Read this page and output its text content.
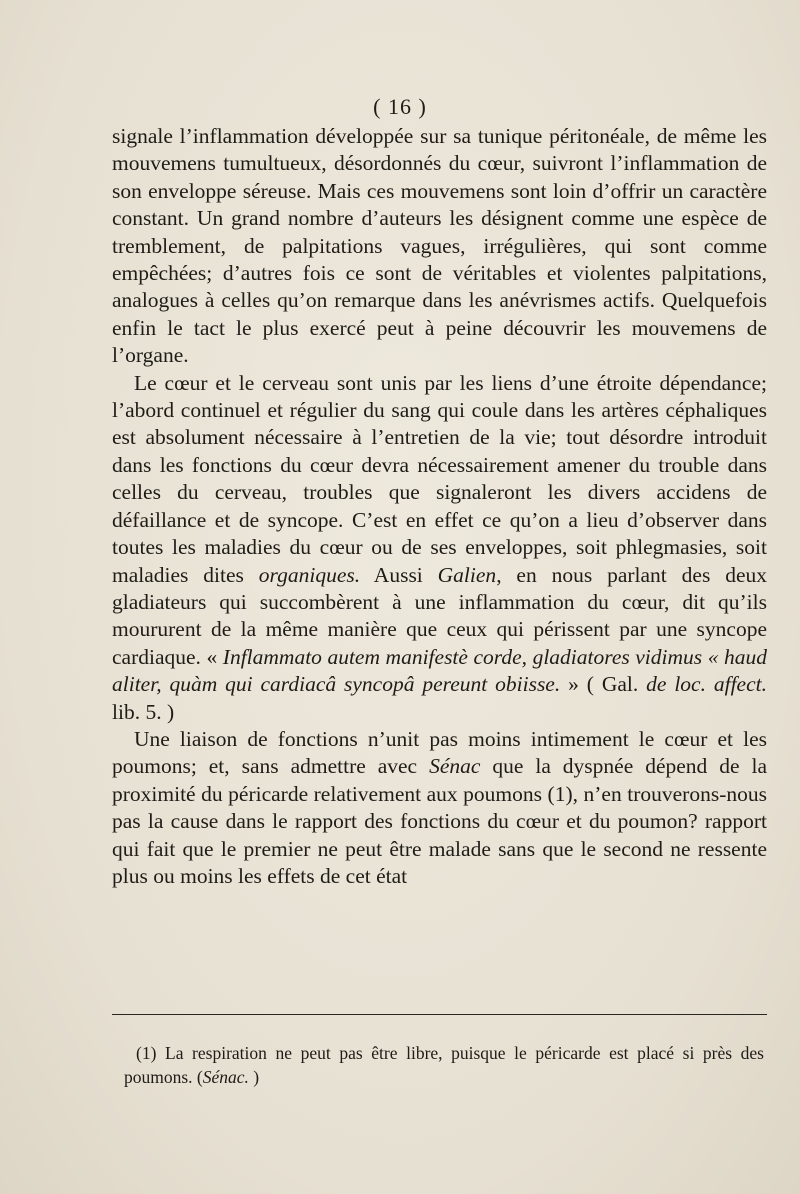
( 16 )

signale l’inflammation développée sur sa tunique péritonéale, de même les mouvemens tumultueux, désordonnés du cœur, suivront l’inflammation de son enveloppe séreuse. Mais ces mouvemens sont loin d’offrir un caractère constant. Un grand nombre d’auteurs les désignent comme une espèce de tremblement, de palpitations vagues, irrégulières, qui sont comme empêchées; d’autres fois ce sont de véritables et violentes palpitations, analogues à celles qu’on remarque dans les anévrismes actifs. Quelquefois enfin le tact le plus exercé peut à peine découvrir les mouvemens de l’organe.

Le cœur et le cerveau sont unis par les liens d’une étroite dépendance; l’abord continuel et régulier du sang qui coule dans les artères céphaliques est absolument nécessaire à l’entretien de la vie; tout désordre introduit dans les fonctions du cœur devra nécessairement amener du trouble dans celles du cerveau, troubles que signaleront les divers accidens de défaillance et de syncope. C’est en effet ce qu’on a lieu d’observer dans toutes les maladies du cœur ou de ses enveloppes, soit phlegmasies, soit maladies dites organiques. Aussi Galien, en nous parlant des deux gladiateurs qui succombèrent à une inflammation du cœur, dit qu’ils moururent de la même manière que ceux qui périssent par une syncope cardiaque. « Inflammato autem manifestè corde, gladiatores vidimus « haud aliter, quàm qui cardiacâ syncopâ pereunt obiisse. » ( Gal. de loc. affect. lib. 5. )

Une liaison de fonctions n’unit pas moins intimement le cœur et les poumons; et, sans admettre avec Sénac que la dyspnée dépend de la proximité du péricarde relativement aux poumons (1), n’en trouverons-nous pas la cause dans le rapport des fonctions du cœur et du poumon? rapport qui fait que le premier ne peut être malade sans que le second ne ressente plus ou moins les effets de cet état

(1) La respiration ne peut pas être libre, puisque le péricarde est placé si près des poumons. (Sénac. )
